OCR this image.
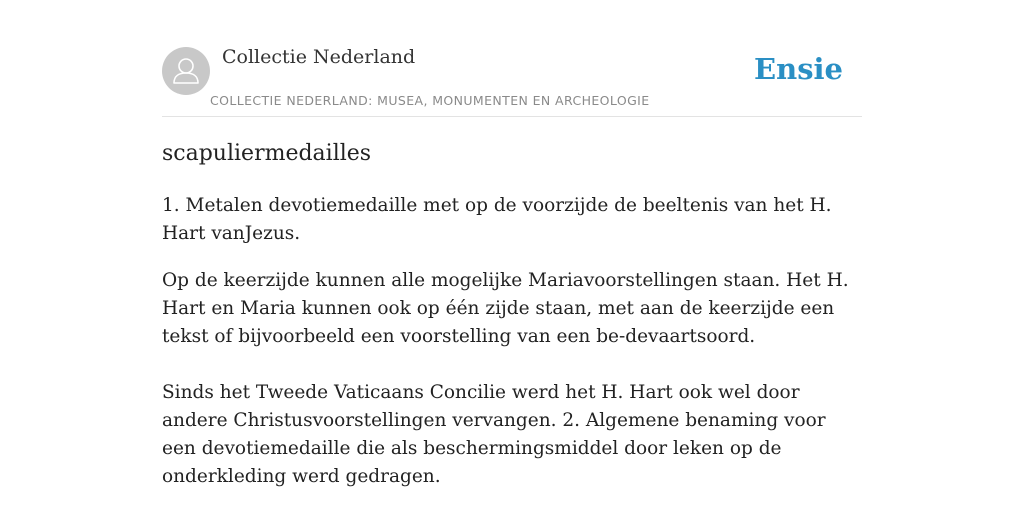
Collectie Nederland
COLLECTIE NEDERLAND: MUSEA, MONUMENTEN EN ARCHEOLOGIE
Ensie
scapuliermedailles

1. Metalen devotiemedaille met op de voorzijde de beeltenis van het H. Hart vanJezus.

Op de keerzijde kunnen alle mogelijke Mariavoorstellingen staan. Het H. Hart en Maria kunnen ook op één zijde staan, met aan de keerzijde een tekst of bijvoorbeeld een voorstelling van een be-devaartsoord.

Sinds het Tweede Vaticaans Concilie werd het H. Hart ook wel door andere Christusvoorstellingen vervangen. 2. Algemene benaming voor een devotiemedaille die als beschermingsmiddel door leken op de onderkleding werd gedragen.
